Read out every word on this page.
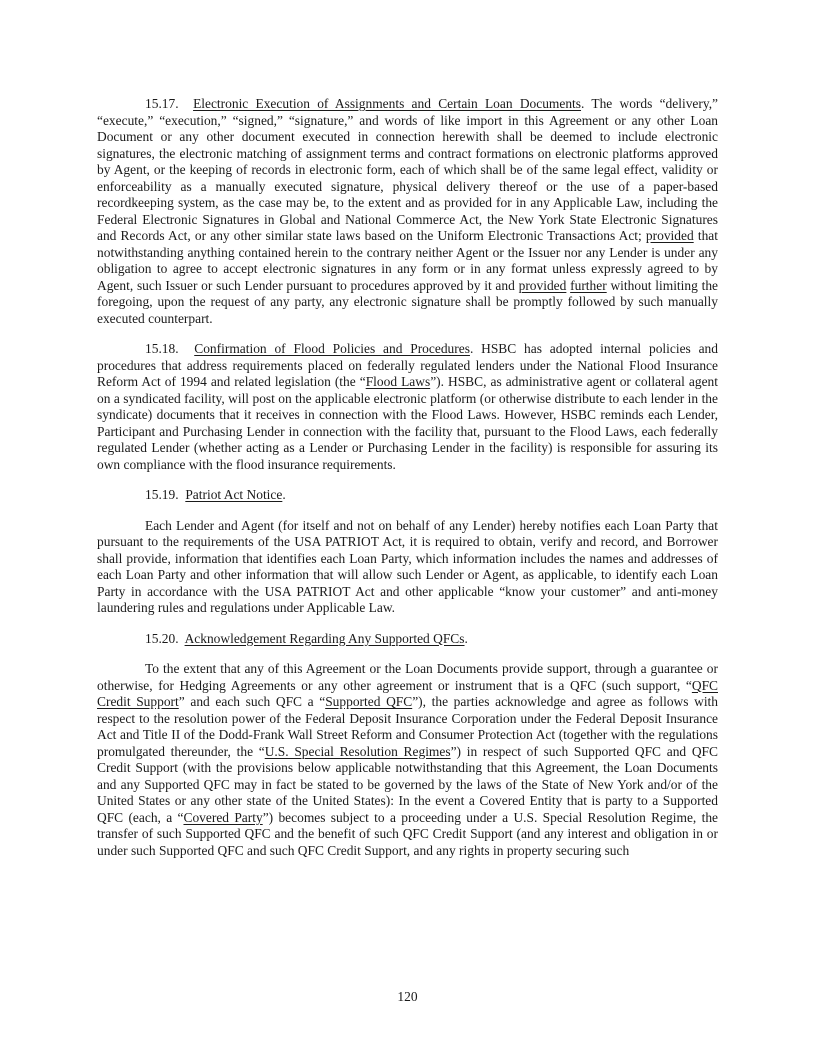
15.17. Electronic Execution of Assignments and Certain Loan Documents. The words “delivery,” “execute,” “execution,” “signed,” “signature,” and words of like import in this Agreement or any other Loan Document or any other document executed in connection herewith shall be deemed to include electronic signatures, the electronic matching of assignment terms and contract formations on electronic platforms approved by Agent, or the keeping of records in electronic form, each of which shall be of the same legal effect, validity or enforceability as a manually executed signature, physical delivery thereof or the use of a paper-based recordkeeping system, as the case may be, to the extent and as provided for in any Applicable Law, including the Federal Electronic Signatures in Global and National Commerce Act, the New York State Electronic Signatures and Records Act, or any other similar state laws based on the Uniform Electronic Transactions Act; provided that notwithstanding anything contained herein to the contrary neither Agent or the Issuer nor any Lender is under any obligation to agree to accept electronic signatures in any form or in any format unless expressly agreed to by Agent, such Issuer or such Lender pursuant to procedures approved by it and provided further without limiting the foregoing, upon the request of any party, any electronic signature shall be promptly followed by such manually executed counterpart.

15.18. Confirmation of Flood Policies and Procedures. HSBC has adopted internal policies and procedures that address requirements placed on federally regulated lenders under the National Flood Insurance Reform Act of 1994 and related legislation (the “Flood Laws”). HSBC, as administrative agent or collateral agent on a syndicated facility, will post on the applicable electronic platform (or otherwise distribute to each lender in the syndicate) documents that it receives in connection with the Flood Laws. However, HSBC reminds each Lender, Participant and Purchasing Lender in connection with the facility that, pursuant to the Flood Laws, each federally regulated Lender (whether acting as a Lender or Purchasing Lender in the facility) is responsible for assuring its own compliance with the flood insurance requirements.

15.19. Patriot Act Notice.

Each Lender and Agent (for itself and not on behalf of any Lender) hereby notifies each Loan Party that pursuant to the requirements of the USA PATRIOT Act, it is required to obtain, verify and record, and Borrower shall provide, information that identifies each Loan Party, which information includes the names and addresses of each Loan Party and other information that will allow such Lender or Agent, as applicable, to identify each Loan Party in accordance with the USA PATRIOT Act and other applicable “know your customer” and anti-money laundering rules and regulations under Applicable Law.

15.20. Acknowledgement Regarding Any Supported QFCs.

To the extent that any of this Agreement or the Loan Documents provide support, through a guarantee or otherwise, for Hedging Agreements or any other agreement or instrument that is a QFC (such support, “QFC Credit Support” and each such QFC a “Supported QFC”), the parties acknowledge and agree as follows with respect to the resolution power of the Federal Deposit Insurance Corporation under the Federal Deposit Insurance Act and Title II of the Dodd-Frank Wall Street Reform and Consumer Protection Act (together with the regulations promulgated thereunder, the “U.S. Special Resolution Regimes”) in respect of such Supported QFC and QFC Credit Support (with the provisions below applicable notwithstanding that this Agreement, the Loan Documents and any Supported QFC may in fact be stated to be governed by the laws of the State of New York and/or of the United States or any other state of the United States): In the event a Covered Entity that is party to a Supported QFC (each, a “Covered Party”) becomes subject to a proceeding under a U.S. Special Resolution Regime, the transfer of such Supported QFC and the benefit of such QFC Credit Support (and any interest and obligation in or under such Supported QFC and such QFC Credit Support, and any rights in property securing such

120
